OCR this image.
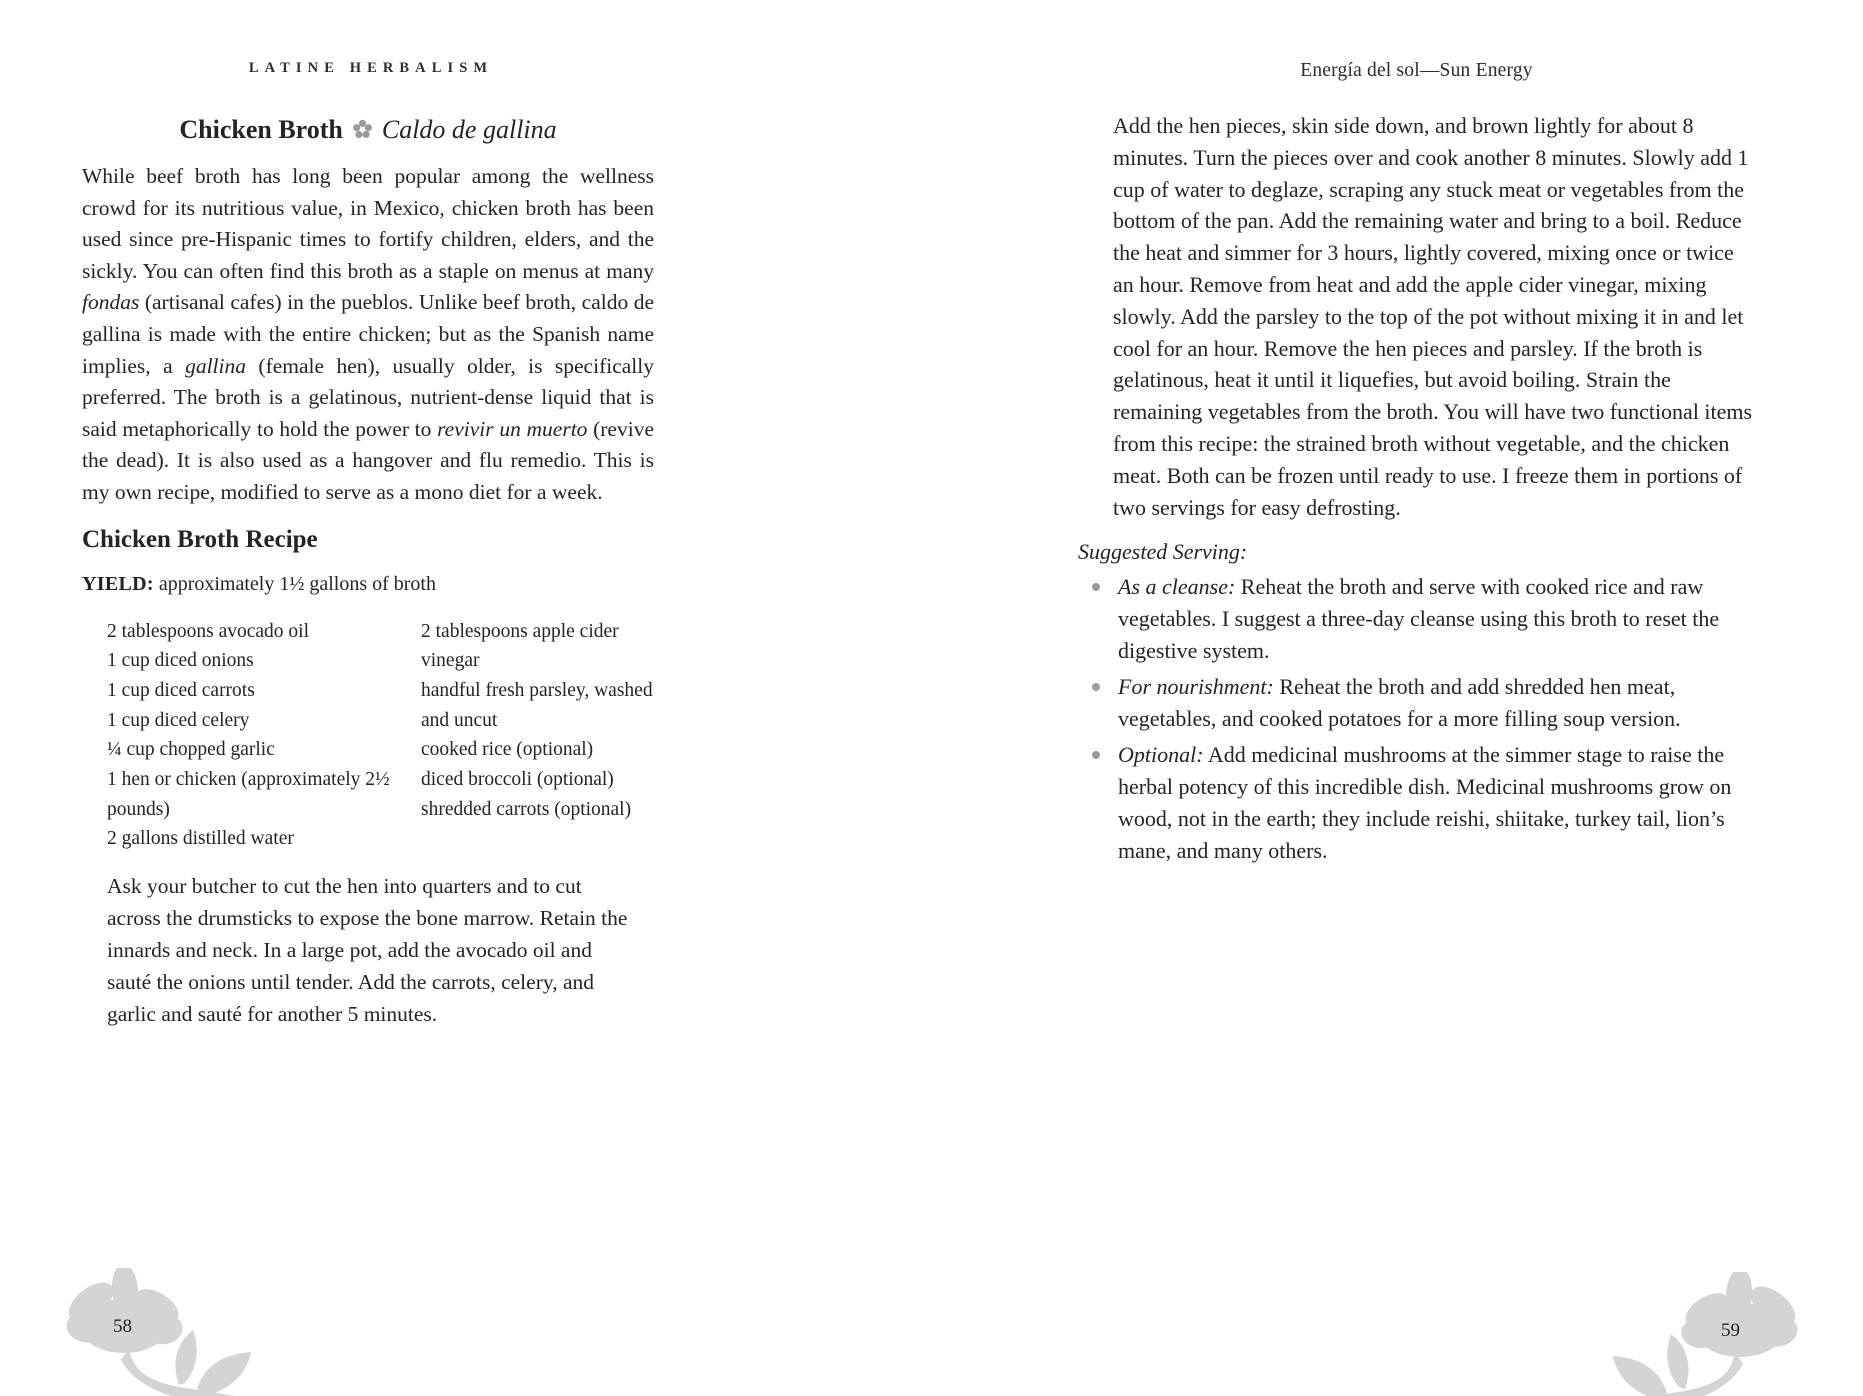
LATINE HERBALISM
Chicken Broth Caldo de gallina

While beef broth has long been popular among the wellness crowd for its nutritious value, in Mexico, chicken broth has been used since pre-Hispanic times to fortify children, elders, and the sickly. You can often find this broth as a staple on menus at many fondas (artisanal cafes) in the pueblos. Unlike beef broth, caldo de gallina is made with the entire chicken; but as the Spanish name implies, a gallina (female hen), usually older, is specifically preferred. The broth is a gelatinous, nutrient-dense liquid that is said metaphorically to hold the power to revivir un muerto (revive the dead). It is also used as a hangover and flu remedio. This is my own recipe, modified to serve as a mono diet for a week.

Chicken Broth Recipe

YIELD: approximately 1½ gallons of broth

2 tablespoons avocado oil
1 cup diced onions
1 cup diced carrots
1 cup diced celery
¼ cup chopped garlic
1 hen or chicken (approximately 2½ pounds)
2 gallons distilled water
2 tablespoons apple cider vinegar
handful fresh parsley, washed and uncut
cooked rice (optional)
diced broccoli (optional)
shredded carrots (optional)

Ask your butcher to cut the hen into quarters and to cut across the drumsticks to expose the bone marrow. Retain the innards and neck. In a large pot, add the avocado oil and sauté the onions until tender. Add the carrots, celery, and garlic and sauté for another 5 minutes.

Energía del sol—Sun Energy

Add the hen pieces, skin side down, and brown lightly for about 8 minutes. Turn the pieces over and cook another 8 minutes. Slowly add 1 cup of water to deglaze, scraping any stuck meat or vegetables from the bottom of the pan. Add the remaining water and bring to a boil. Reduce the heat and simmer for 3 hours, lightly covered, mixing once or twice an hour. Remove from heat and add the apple cider vinegar, mixing slowly. Add the parsley to the top of the pot without mixing it in and let cool for an hour. Remove the hen pieces and parsley. If the broth is gelatinous, heat it until it liquefies, but avoid boiling. Strain the remaining vegetables from the broth. You will have two functional items from this recipe: the strained broth without vegetable, and the chicken meat. Both can be frozen until ready to use. I freeze them in portions of two servings for easy defrosting.

Suggested Serving:

As a cleanse: Reheat the broth and serve with cooked rice and raw vegetables. I suggest a three-day cleanse using this broth to reset the digestive system.
For nourishment: Reheat the broth and add shredded hen meat, vegetables, and cooked potatoes for a more filling soup version.
Optional: Add medicinal mushrooms at the simmer stage to raise the herbal potency of this incredible dish. Medicinal mushrooms grow on wood, not in the earth; they include reishi, shiitake, turkey tail, lion’s mane, and many others.
58	59
